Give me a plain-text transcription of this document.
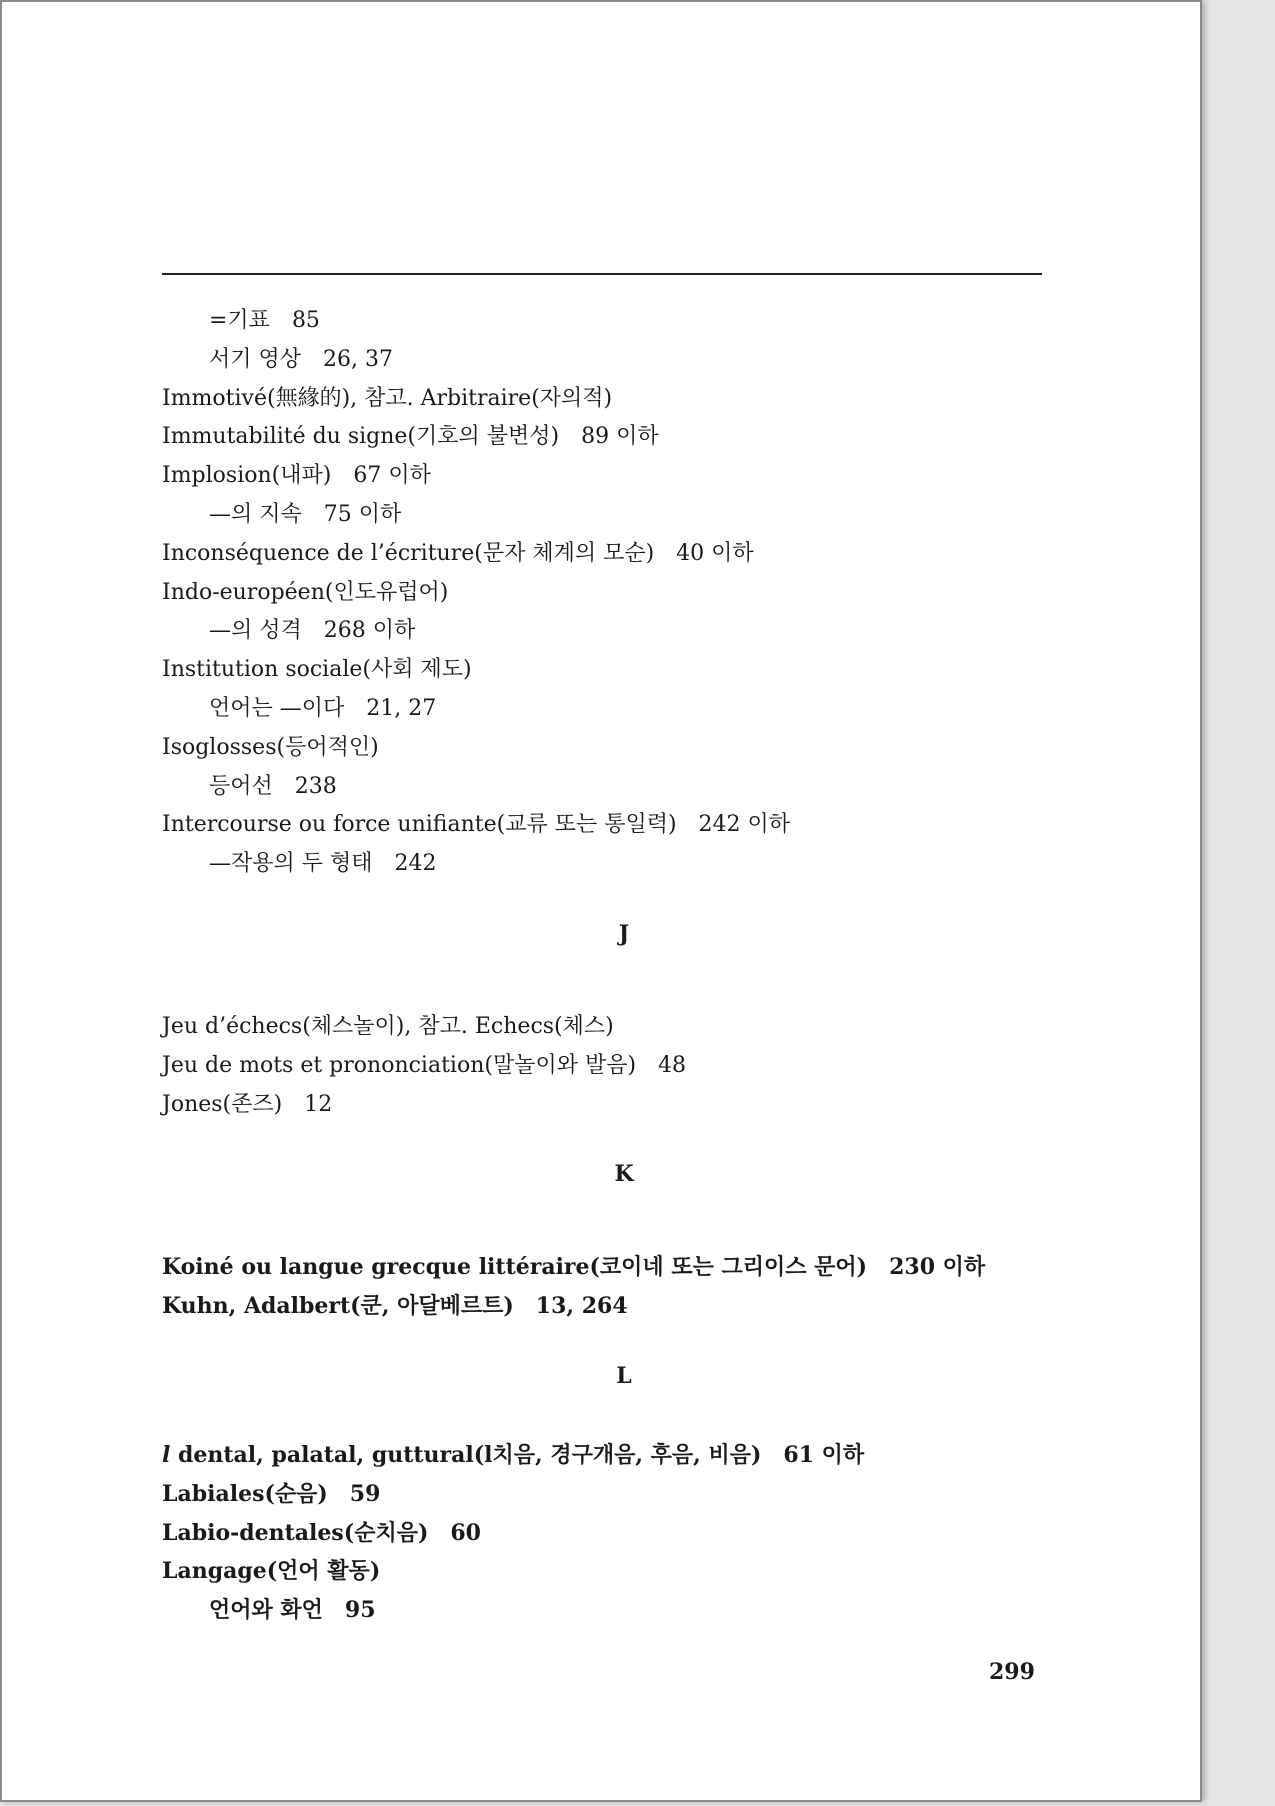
=기표　85
서기 영상　26, 37
Immotivé(無緣的), 참고. Arbitraire(자의적)
Immutabilité du signe(기호의 불변성)　89 이하
Implosion(내파)　67 이하
—의 지속　75 이하
Inconséquence de l’écriture(문자 체계의 모순)　40 이하
Indo-européen(인도유럽어)
—의 성격　268 이하
Institution sociale(사회 제도)
언어는 —이다　21, 27
Isoglosses(등어적인)
등어선　238
Intercourse ou force unifiante(교류 또는 통일력)　242 이하
—작용의 두 형태　242
J
Jeu d’échecs(체스놀이), 참고. Echecs(체스)
Jeu de mots et prononciation(말놀이와 발음)　48
Jones(존즈)　12
K
Koiné ou langue grecque littéraire(코이네 또는 그리이스 문어)　230 이하
Kuhn, Adalbert(쿤, 아달베르트)　13, 264
L
l dental, palatal, guttural(l치음, 경구개음, 후음, 비음)　61 이하
Labiales(순음)　59
Labio-dentales(순치음)　60
Langage(언어 활동)
언어와 화언　95
299
